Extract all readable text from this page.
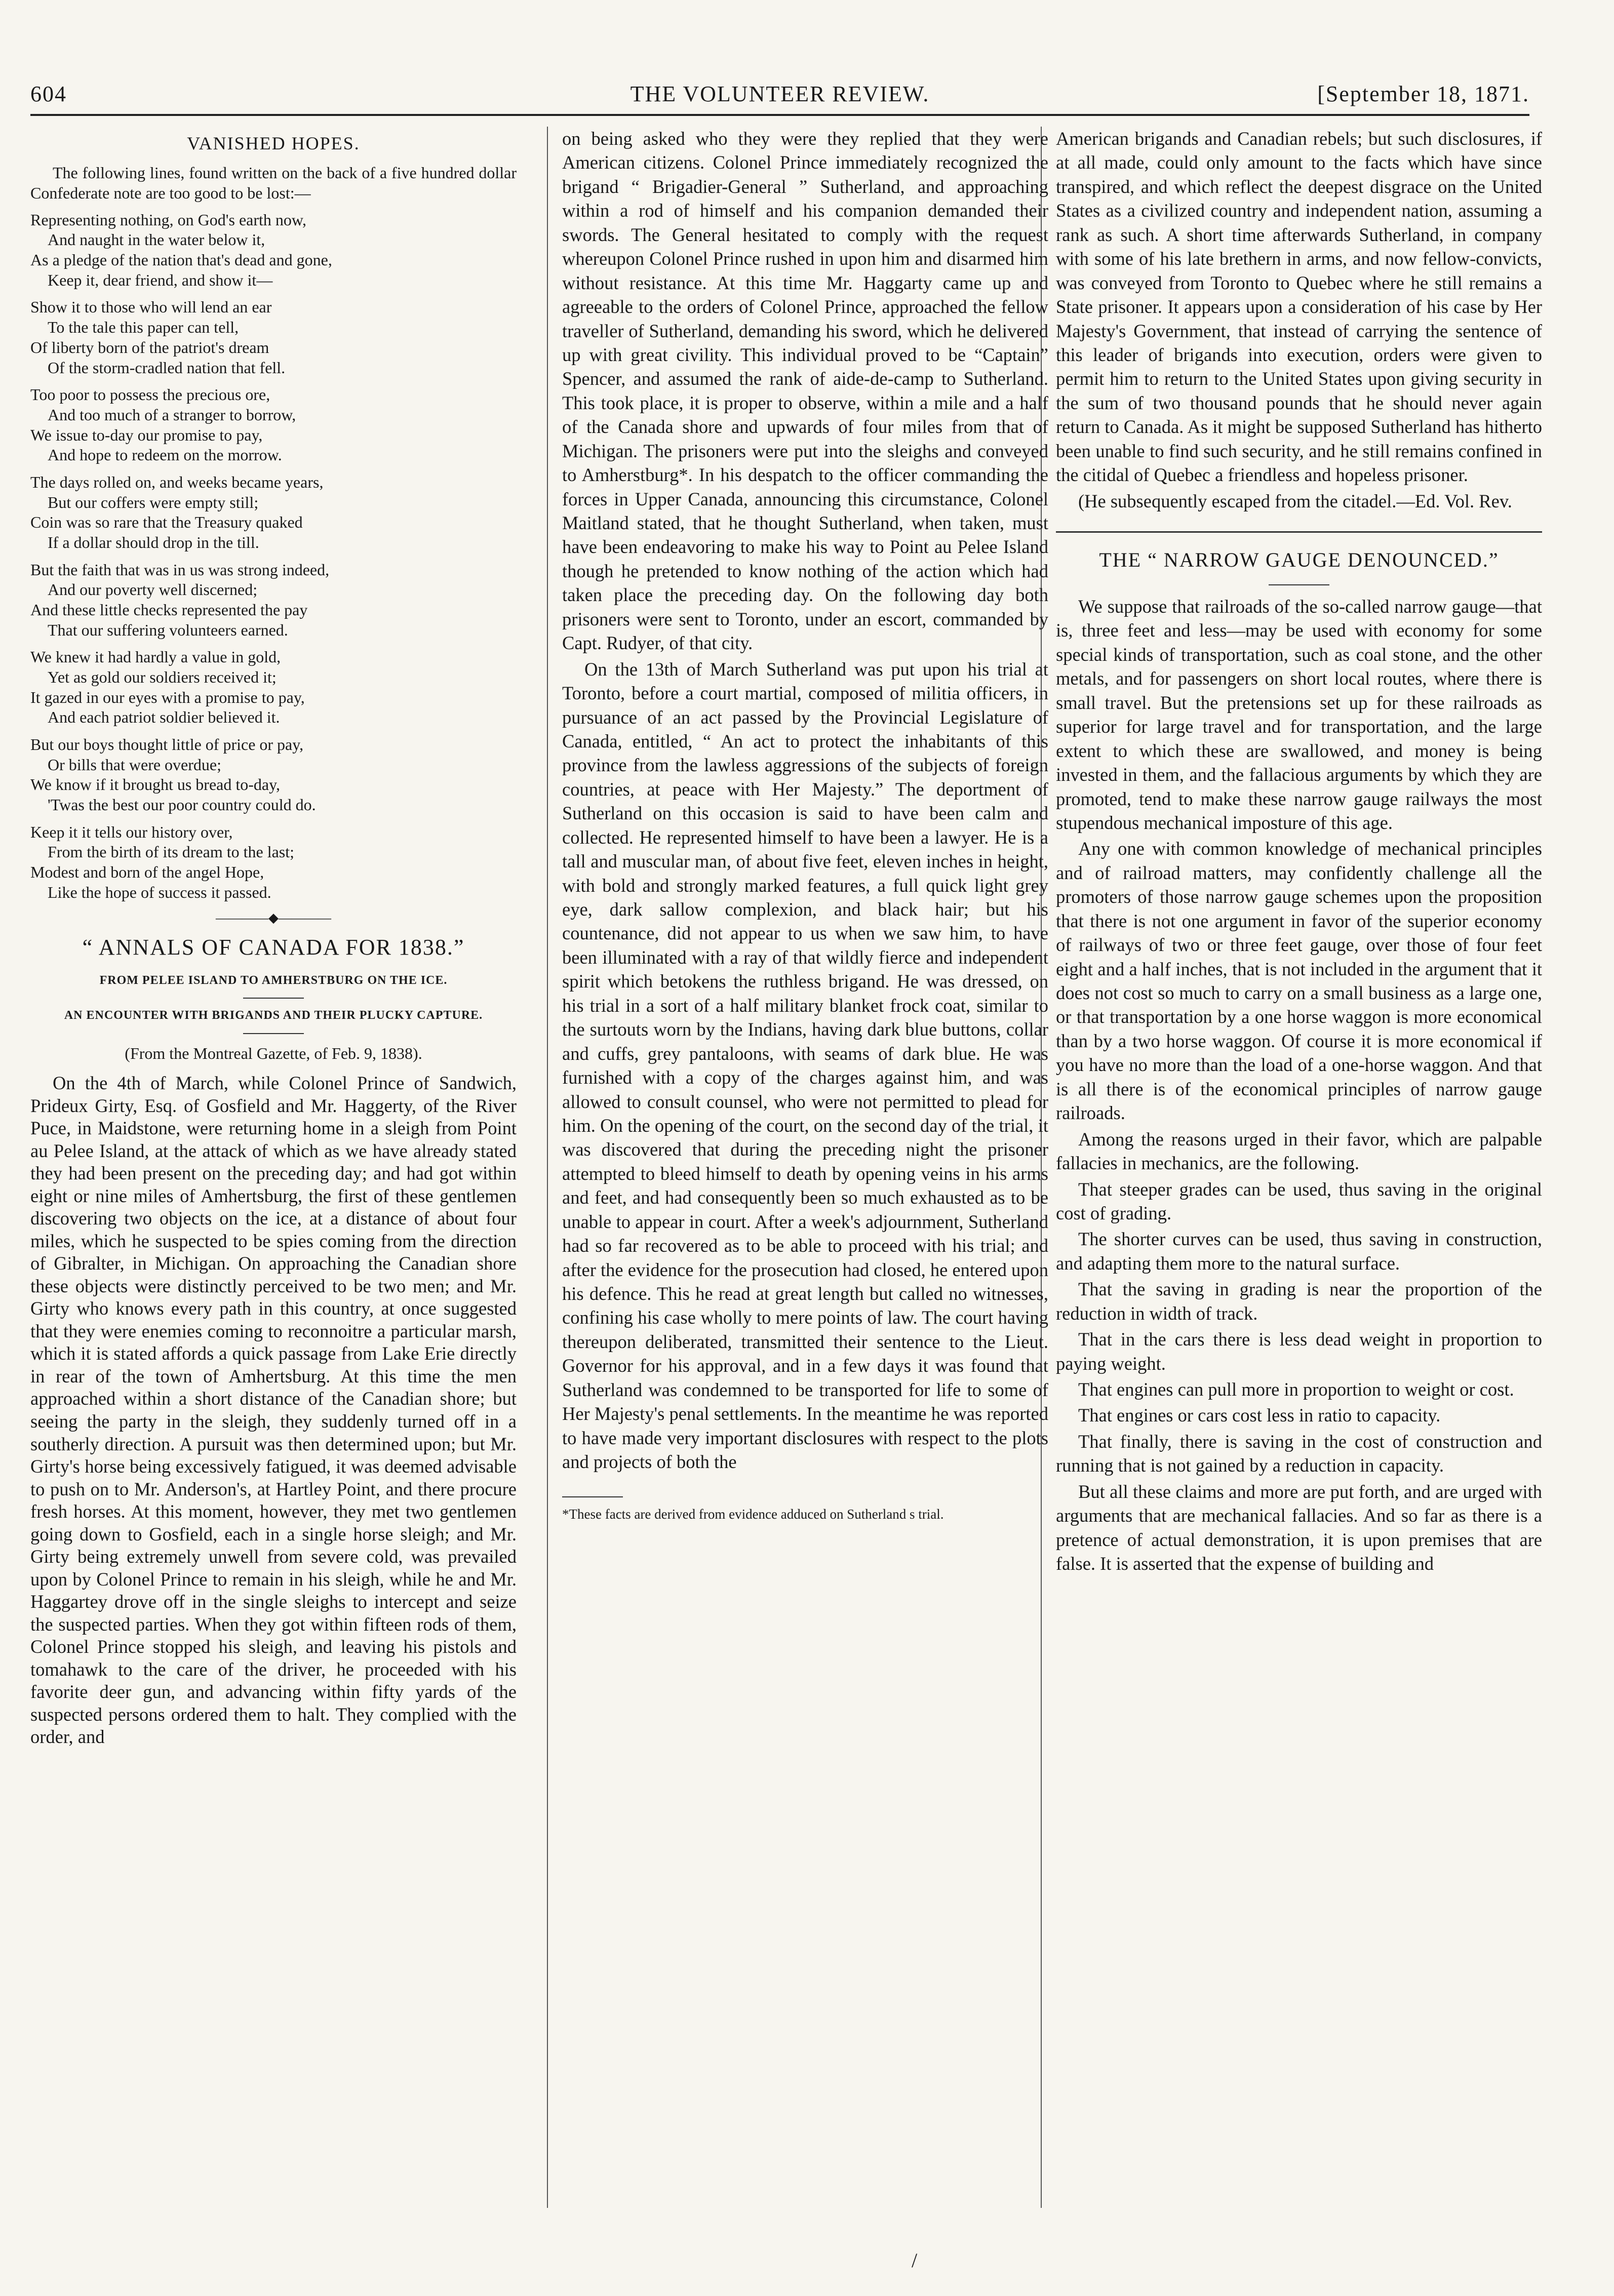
604	THE VOLUNTEER REVIEW.	[September 18, 1871.
VANISHED HOPES.
The following lines, found written on the back of a five hundred dollar Confederate note are too good to be lost:—
Representing nothing, on God's earth now,
And naught in the water below it,
As a pledge of the nation that's dead and gone,
Keep it, dear friend, and show it—
Show it to those who will lend an ear
To the tale this paper can tell,
Of liberty born of the patriot's dream
Of the storm-cradled nation that fell.
Too poor to possess the precious ore,
And too much of a stranger to borrow,
We issue to-day our promise to pay,
And hope to redeem on the morrow.
The days rolled on, and weeks became years,
But our coffers were empty still;
Coin was so rare that the Treasury quaked
If a dollar should drop in the till.
But the faith that was in us was strong indeed,
And our poverty well discerned;
And these little checks represented the pay
That our suffering volunteers earned.
We knew it had hardly a value in gold,
Yet as gold our soldiers received it;
It gazed in our eyes with a promise to pay,
And each patriot soldier believed it.
But our boys thought little of price or pay,
Or bills that were overdue;
We know if it brought us bread to-day,
'Twas the best our poor country could do.
Keep it it tells our history over,
From the birth of its dream to the last;
Modest and born of the angel Hope,
Like the hope of success it passed.
————◆————
“ ANNALS OF CANADA FOR 1838.”
FROM PELEE ISLAND TO AMHERSTBURG ON THE ICE.
AN ENCOUNTER WITH BRIGANDS AND THEIR PLUCKY CAPTURE.
(From the Montreal Gazette, of Feb. 9, 1838).

On the 4th of March, while Colonel Prince of Sandwich, Prideux Girty, Esq. of Gosfield and Mr. Haggerty, of the River Puce, in Maidstone, were returning home in a sleigh from Point au Pelee Island, at the attack of which as we have already stated they had been present on the preceding day; and had got within eight or nine miles of Amhertsburg, the first of these gentlemen discovering two objects on the ice, at a distance of about four miles, which he suspected to be spies coming from the direction of Gibralter, in Michigan. On approaching the Canadian shore these objects were distinctly perceived to be two men; and Mr. Girty who knows every path in this country, at once suggested that they were enemies coming to reconnoitre a particular marsh, which it is stated affords a quick passage from Lake Erie directly in rear of the town of Amhertsburg. At this time the men approached within a short distance of the Canadian shore; but seeing the party in the sleigh, they suddenly turned off in a southerly direction. A pursuit was then determined upon; but Mr. Girty's horse being excessively fatigued, it was deemed advisable to push on to Mr. Anderson's, at Hartley Point, and there procure fresh horses. At this moment, however, they met two gentlemen going down to Gosfield, each in a single horse sleigh; and Mr. Girty being extremely unwell from severe cold, was prevailed upon by Colonel Prince to remain in his sleigh, while he and Mr. Haggartey drove off in the single sleighs to intercept and seize the suspected parties. When they got within fifteen rods of them, Colonel Prince stopped his sleigh, and leaving his pistols and tomahawk to the care of the driver, he proceeded with his favorite deer gun, and advancing within fifty yards of the suspected persons ordered them to halt. They complied with the order, and

on being asked who they were they replied that they were American citizens. Colonel Prince immediately recognized the brigand “ Brigadier-General ” Sutherland, and approaching within a rod of himself and his companion demanded their swords. The General hesitated to comply with the request whereupon Colonel Prince rushed in upon him and disarmed him without resistance. At this time Mr. Haggarty came up and agreeable to the orders of Colonel Prince, approached the fellow traveller of Sutherland, demanding his sword, which he delivered up with great civility. This individual proved to be “Captain” Spencer, and assumed the rank of aide-de-camp to Sutherland. This took place, it is proper to observe, within a mile and a half of the Canada shore and upwards of four miles from that of Michigan. The prisoners were put into the sleighs and conveyed to Amherstburg*. In his despatch to the officer commanding the forces in Upper Canada, announcing this circumstance, Colonel Maitland stated, that he thought Sutherland, when taken, must have been endeavoring to make his way to Point au Pelee Island though he pretended to know nothing of the action which had taken place the preceding day. On the following day both prisoners were sent to Toronto, under an escort, commanded by Capt. Rudyer, of that city.

On the 13th of March Sutherland was put upon his trial at Toronto, before a court martial, composed of militia officers, in pursuance of an act passed by the Provincial Legislature of Canada, entitled, “ An act to protect the inhabitants of this province from the lawless aggressions of the subjects of foreign countries, at peace with Her Majesty.” The deportment of Sutherland on this occasion is said to have been calm and collected. He represented himself to have been a lawyer. He is a tall and muscular man, of about five feet, eleven inches in height, with bold and strongly marked features, a full quick light grey eye, dark sallow complexion, and black hair; but his countenance, did not appear to us when we saw him, to have been illuminated with a ray of that wildly fierce and independent spirit which betokens the ruthless brigand. He was dressed, on his trial in a sort of a half military blanket frock coat, similar to the surtouts worn by the Indians, having dark blue buttons, collar and cuffs, grey pantaloons, with seams of dark blue. He was furnished with a copy of the charges against him, and was allowed to consult counsel, who were not permitted to plead for him. On the opening of the court, on the second day of the trial, it was discovered that during the preceding night the prisoner attempted to bleed himself to death by opening veins in his arms and feet, and had consequently been so much exhausted as to be unable to appear in court. After a week's adjournment, Sutherland had so far recovered as to be able to proceed with his trial; and after the evidence for the prosecution had closed, he entered upon his defence. This he read at great length but called no witnesses, confining his case wholly to mere points of law. The court having thereupon deliberated, transmitted their sentence to the Lieut. Governor for his approval, and in a few days it was found that Sutherland was condemned to be transported for life to some of Her Majesty's penal settlements. In the meantime he was reported to have made very important disclosures with respect to the plots and projects of both the

*These facts are derived from evidence adduced on Sutherland s trial.

American brigands and Canadian rebels; but such disclosures, if at all made, could only amount to the facts which have since transpired, and which reflect the deepest disgrace on the United States as a civilized country and independent nation, assuming a rank as such. A short time afterwards Sutherland, in company with some of his late brethern in arms, and now fellow-convicts, was conveyed from Toronto to Quebec where he still remains a State prisoner. It appears upon a consideration of his case by Her Majesty's Government, that instead of carrying the sentence of this leader of brigands into execution, orders were given to permit him to return to the United States upon giving security in the sum of two thousand pounds that he should never again return to Canada. As it might be supposed Sutherland has hitherto been unable to find such security, and he still remains confined in the citidal of Quebec a friendless and hopeless prisoner.

(He subsequently escaped from the citadel.—Ed. Vol. Rev.

THE “ NARROW GAUGE DENOUNCED.”

We suppose that railroads of the so-called narrow gauge—that is, three feet and less—may be used with economy for some special kinds of transportation, such as coal stone, and the other metals, and for passengers on short local routes, where there is small travel. But the pretensions set up for these railroads as superior for large travel and for transportation, and the large extent to which these are swallowed, and money is being invested in them, and the fallacious arguments by which they are promoted, tend to make these narrow gauge railways the most stupendous mechanical imposture of this age.

Any one with common knowledge of mechanical principles and of railroad matters, may confidently challenge all the promoters of those narrow gauge schemes upon the proposition that there is not one argument in favor of the superior economy of railways of two or three feet gauge, over those of four feet eight and a half inches, that is not included in the argument that it does not cost so much to carry on a small business as a large one, or that transportation by a one horse waggon is more economical than by a two horse waggon. Of course it is more economical if you have no more than the load of a one-horse waggon. And that is all there is of the economical principles of narrow gauge railroads.

Among the reasons urged in their favor, which are palpable fallacies in mechanics, are the following.

That steeper grades can be used, thus saving in the original cost of grading.

The shorter curves can be used, thus saving in construction, and adapting them more to the natural surface.

That the saving in grading is near the proportion of the reduction in width of track.

That in the cars there is less dead weight in proportion to paying weight.

That engines can pull more in proportion to weight or cost.

That engines or cars cost less in ratio to capacity.

That finally, there is saving in the cost of construction and running that is not gained by a reduction in capacity.

But all these claims and more are put forth, and are urged with arguments that are mechanical fallacies. And so far as there is a pretence of actual demonstration, it is upon premises that are false. It is asserted that the expense of building and

/
